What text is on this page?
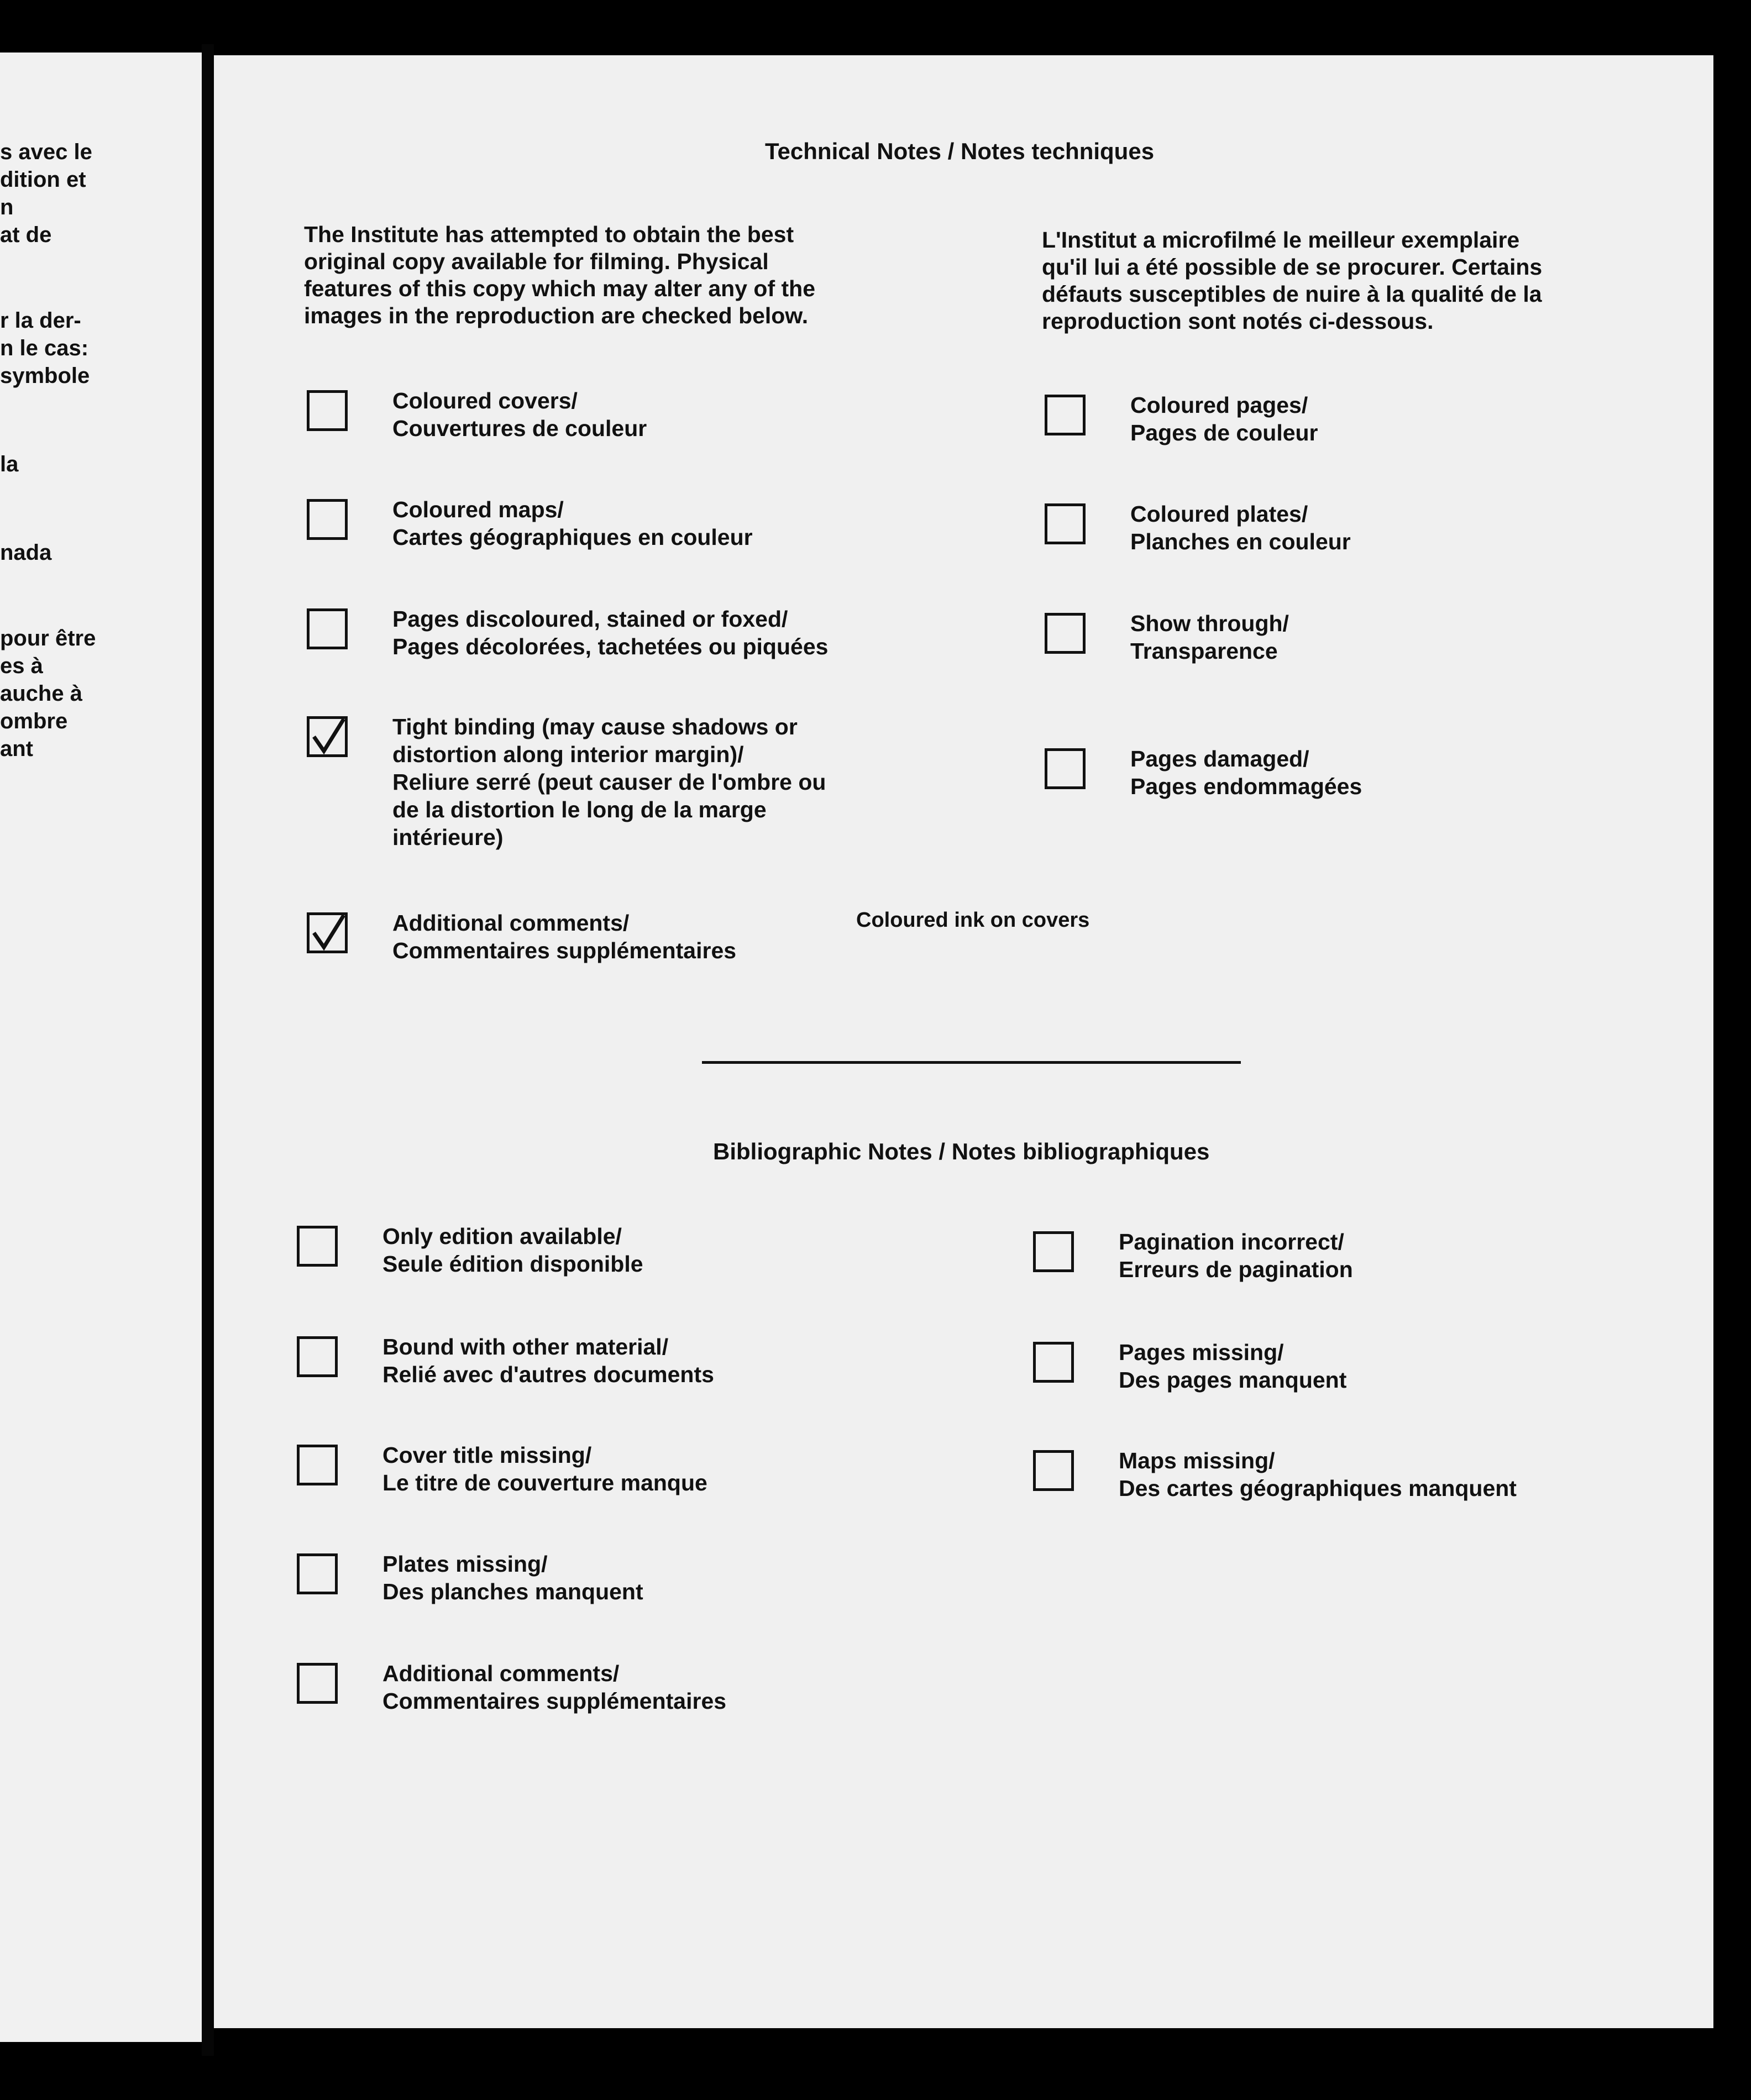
s avec le
dition et
n
at de
r la der-
n le cas:
symbole
la
nada
pour être
es à
auche à
ombre
ant
Technical Notes / Notes techniques
The Institute has attempted to obtain the best
original copy available for filming. Physical
features of this copy which may alter any of the
images in the reproduction are checked below.
L'Institut a microfilmé le meilleur exemplaire
qu'il lui a été possible de se procurer. Certains
défauts susceptibles de nuire à la qualité de la
reproduction sont notés ci-dessous.
Coloured covers/
Couvertures de couleur
Coloured maps/
Cartes géographiques en couleur
Pages discoloured, stained or foxed/
Pages décolorées, tachetées ou piquées
Tight binding (may cause shadows or
distortion along interior margin)/
Reliure serré (peut causer de l'ombre ou
de la distortion le long de la marge
intérieure)
Additional comments/
Commentaires supplémentaires
Coloured pages/
Pages de couleur
Coloured plates/
Planches en couleur
Show through/
Transparence
Pages damaged/
Pages endommagées
Coloured ink on covers
Bibliographic Notes / Notes bibliographiques
Only edition available/
Seule édition disponible
Bound with other material/
Relié avec d'autres documents
Cover title missing/
Le titre de couverture manque
Plates missing/
Des planches manquent
Additional comments/
Commentaires supplémentaires
Pagination incorrect/
Erreurs de pagination
Pages missing/
Des pages manquent
Maps missing/
Des cartes géographiques manquent
